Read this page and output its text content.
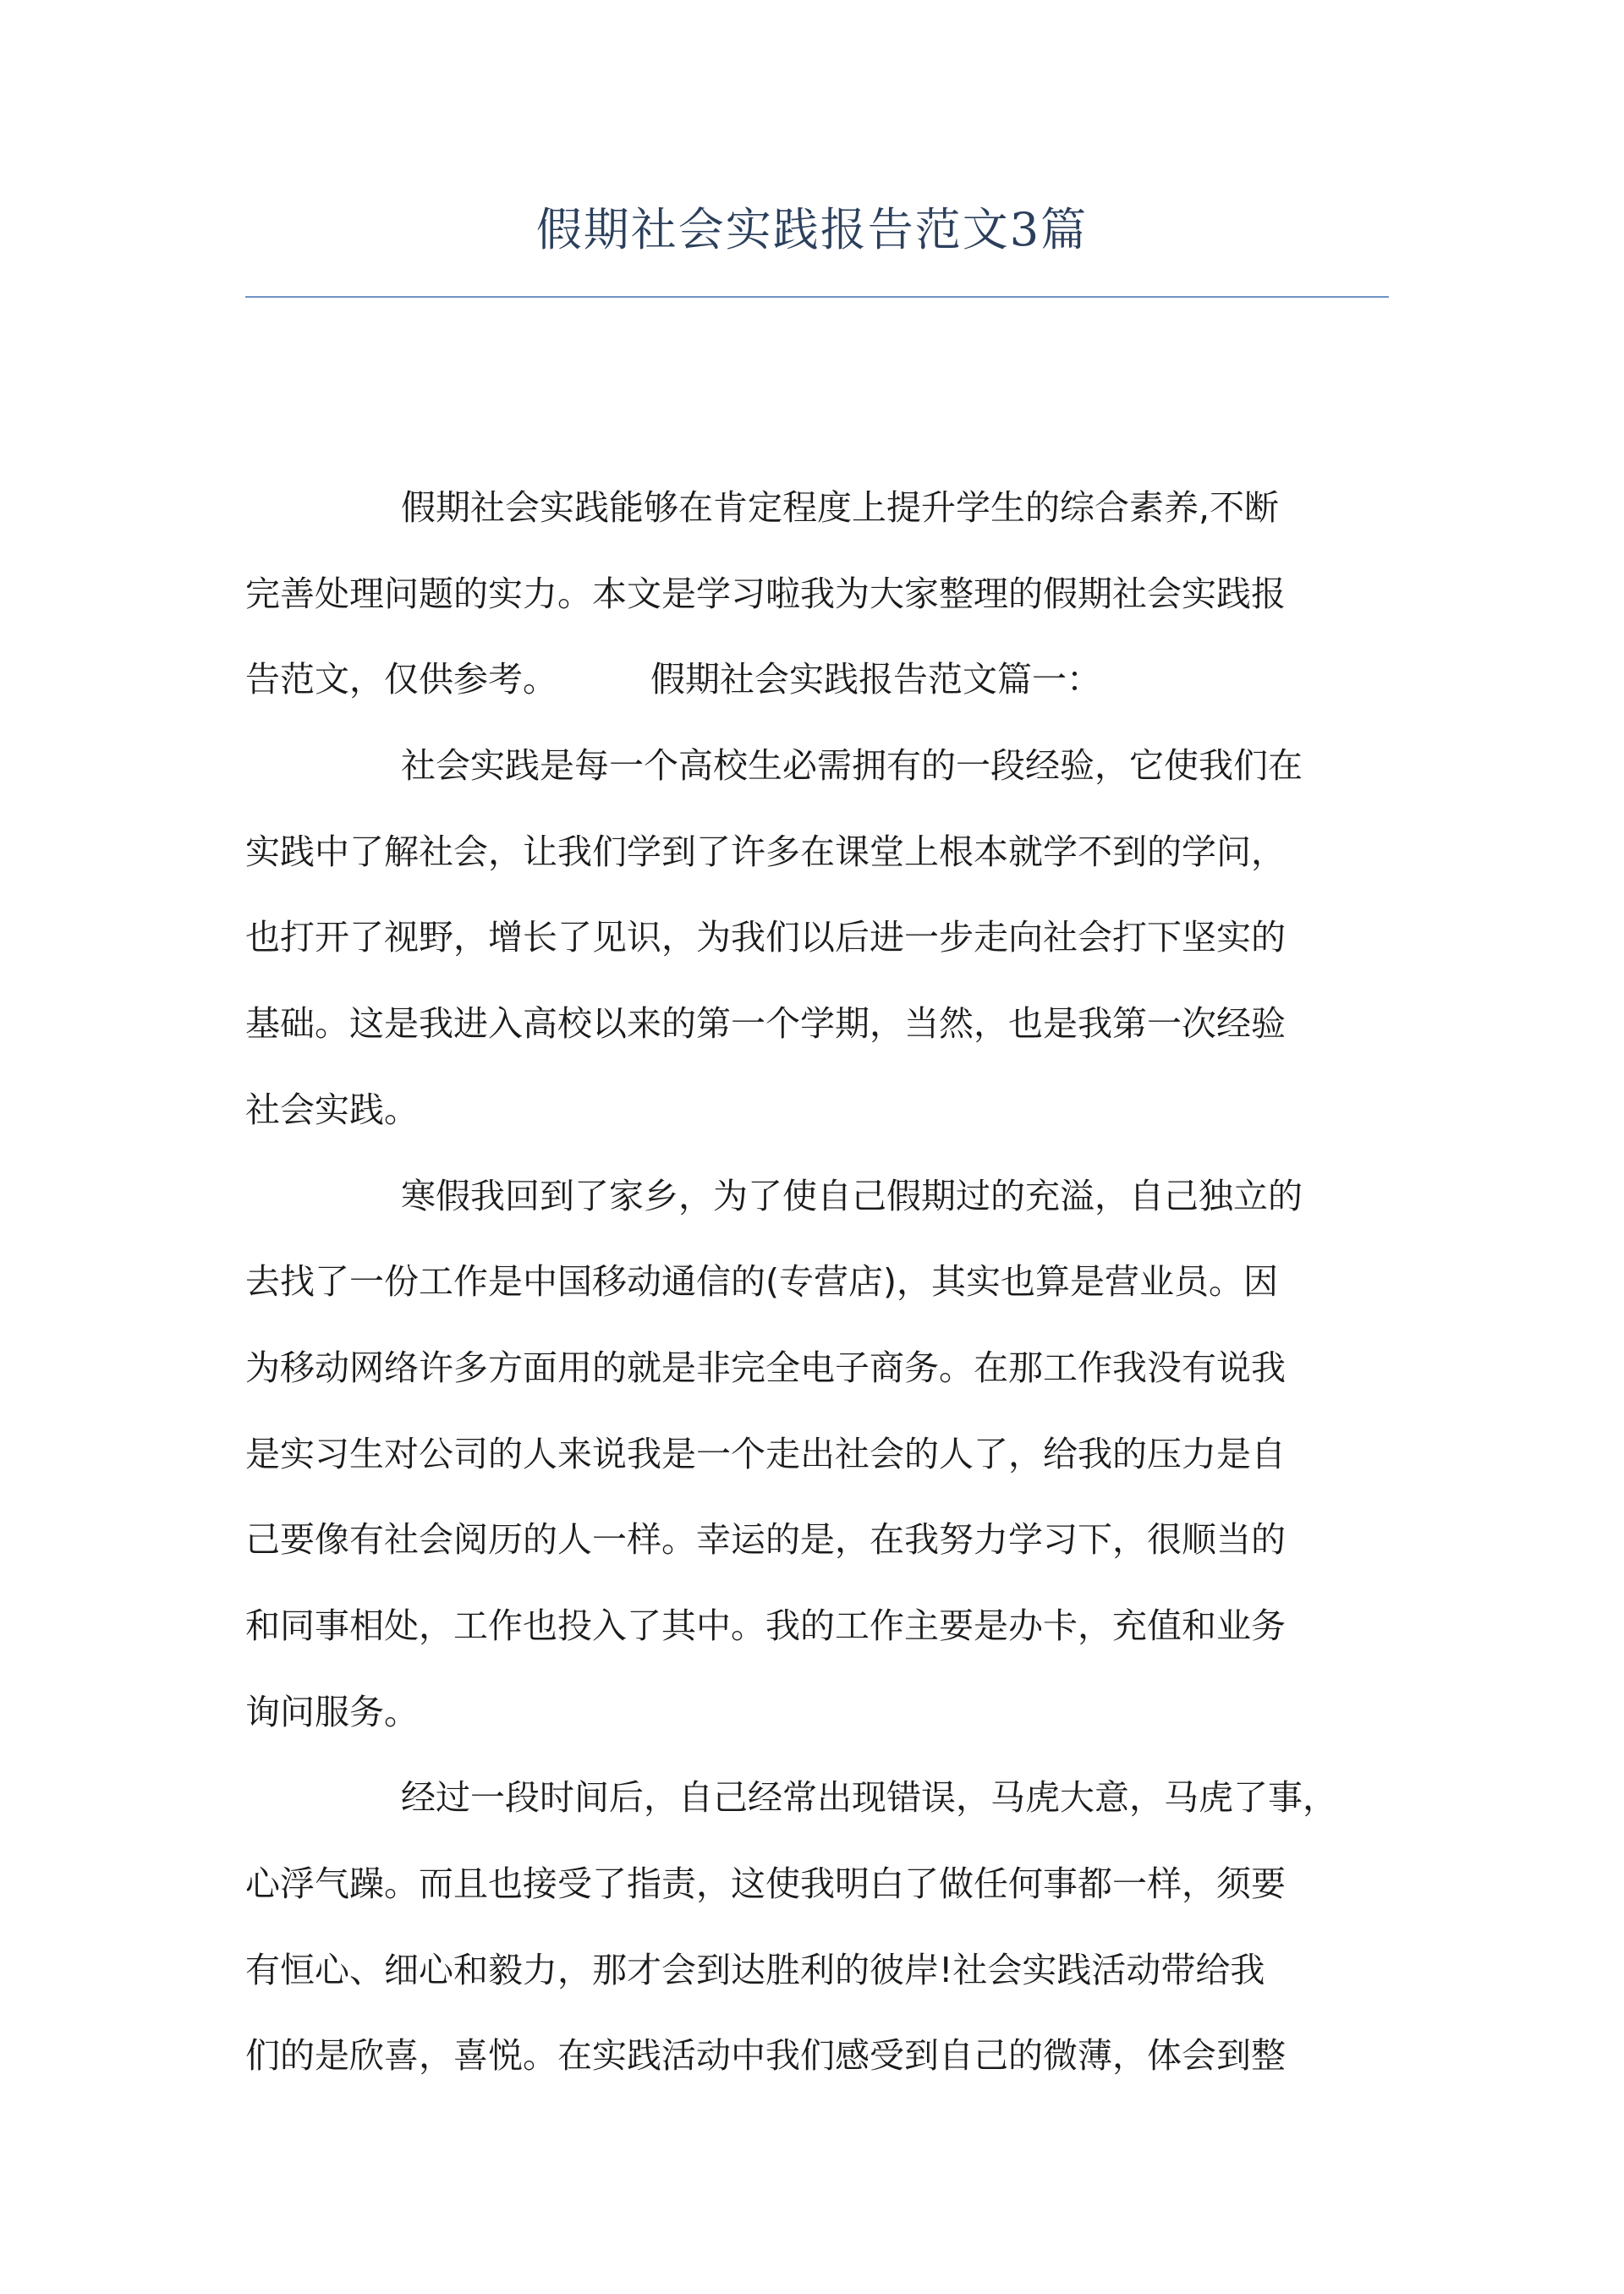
假期社会实践报告范文3篇
假期社会实践能够在肯定程度上提升学生的综合素养,不断
完善处理问题的实力。本文是学习啦我为大家整理的假期社会实践报
告范文，仅供参考。	假期社会实践报告范文篇一：
社会实践是每一个高校生必需拥有的一段经验，它使我们在
实践中了解社会，让我们学到了许多在课堂上根本就学不到的学问，
也打开了视野，增长了见识，为我们以后进一步走向社会打下坚实的
基础。这是我进入高校以来的第一个学期，当然，也是我第一次经验
社会实践。
寒假我回到了家乡，为了使自己假期过的充溢，自己独立的
去找了一份工作是中国移动通信的(专营店)，其实也算是营业员。因
为移动网络许多方面用的就是非完全电子商务。在那工作我没有说我
是实习生对公司的人来说我是一个走出社会的人了，给我的压力是自
己要像有社会阅历的人一样。幸运的是，在我努力学习下，很顺当的
和同事相处，工作也投入了其中。我的工作主要是办卡，充值和业务
询问服务。
经过一段时间后，自己经常出现错误，马虎大意，马虎了事，
心浮气躁。而且也接受了指责，这使我明白了做任何事都一样，须要
有恒心、细心和毅力，那才会到达胜利的彼岸!社会实践活动带给我
们的是欣喜，喜悦。在实践活动中我们感受到自己的微薄，体会到整
